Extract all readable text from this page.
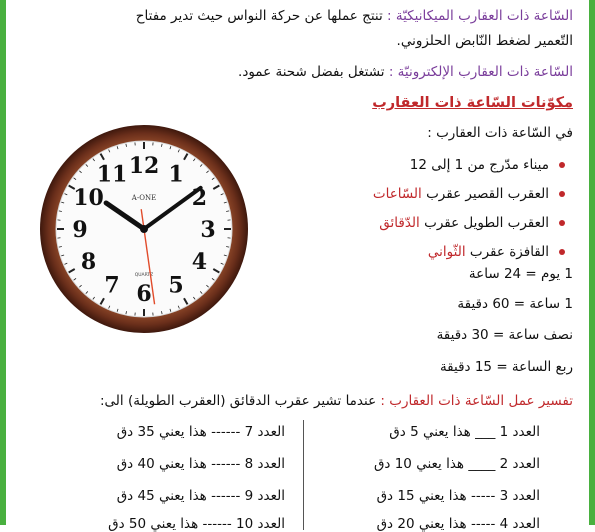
السّاعة ذات العقارب الميكانيكيّة : تنتج عملها عن حركة النواس حيث تدير مفتاح
التّعمير لضغط النّابض الحلزوني.
السّاعة ذات العقارب الإلكترونيّة : تشتغل بفضل شحنة عمود.
مكوّنات السّاعة ذات العقارب
في السّاعة ذات العقارب :
ميناء مدّرج من 1 إلى 12
العقرب القصير عقرب السّاعات
العقرب الطويل عقرب الدّقائق
القافزة عقرب الثّواني
1 يوم = 24 ساعة
1 ساعة = 60 دقيقة
نصف ساعة = 30 دقيقة
ربع الساعة = 15 دقيقة
تفسير عمل السّاعة ذات العقارب : عندما تشير عقرب الدقائق (العقرب الطويلة) الى:
العدد 1 ___ هذا يعني 5 دق
العدد 2 ____ هذا يعني 10 دق
العدد 3 ----- هذا يعني 15 دق
العدد 4 ----- هذا يعني 20 دق
العدد 7 ------ هذا يعني 35 دق
العدد 8 ------ هذا يعني 40 دق
العدد 9 ------ هذا يعني 45 دق
العدد 10 ------ هذا يعني 50 دق
12 1
2
3
4
5
6
7
8
9
10
11
A-ONE
QUARTZ
